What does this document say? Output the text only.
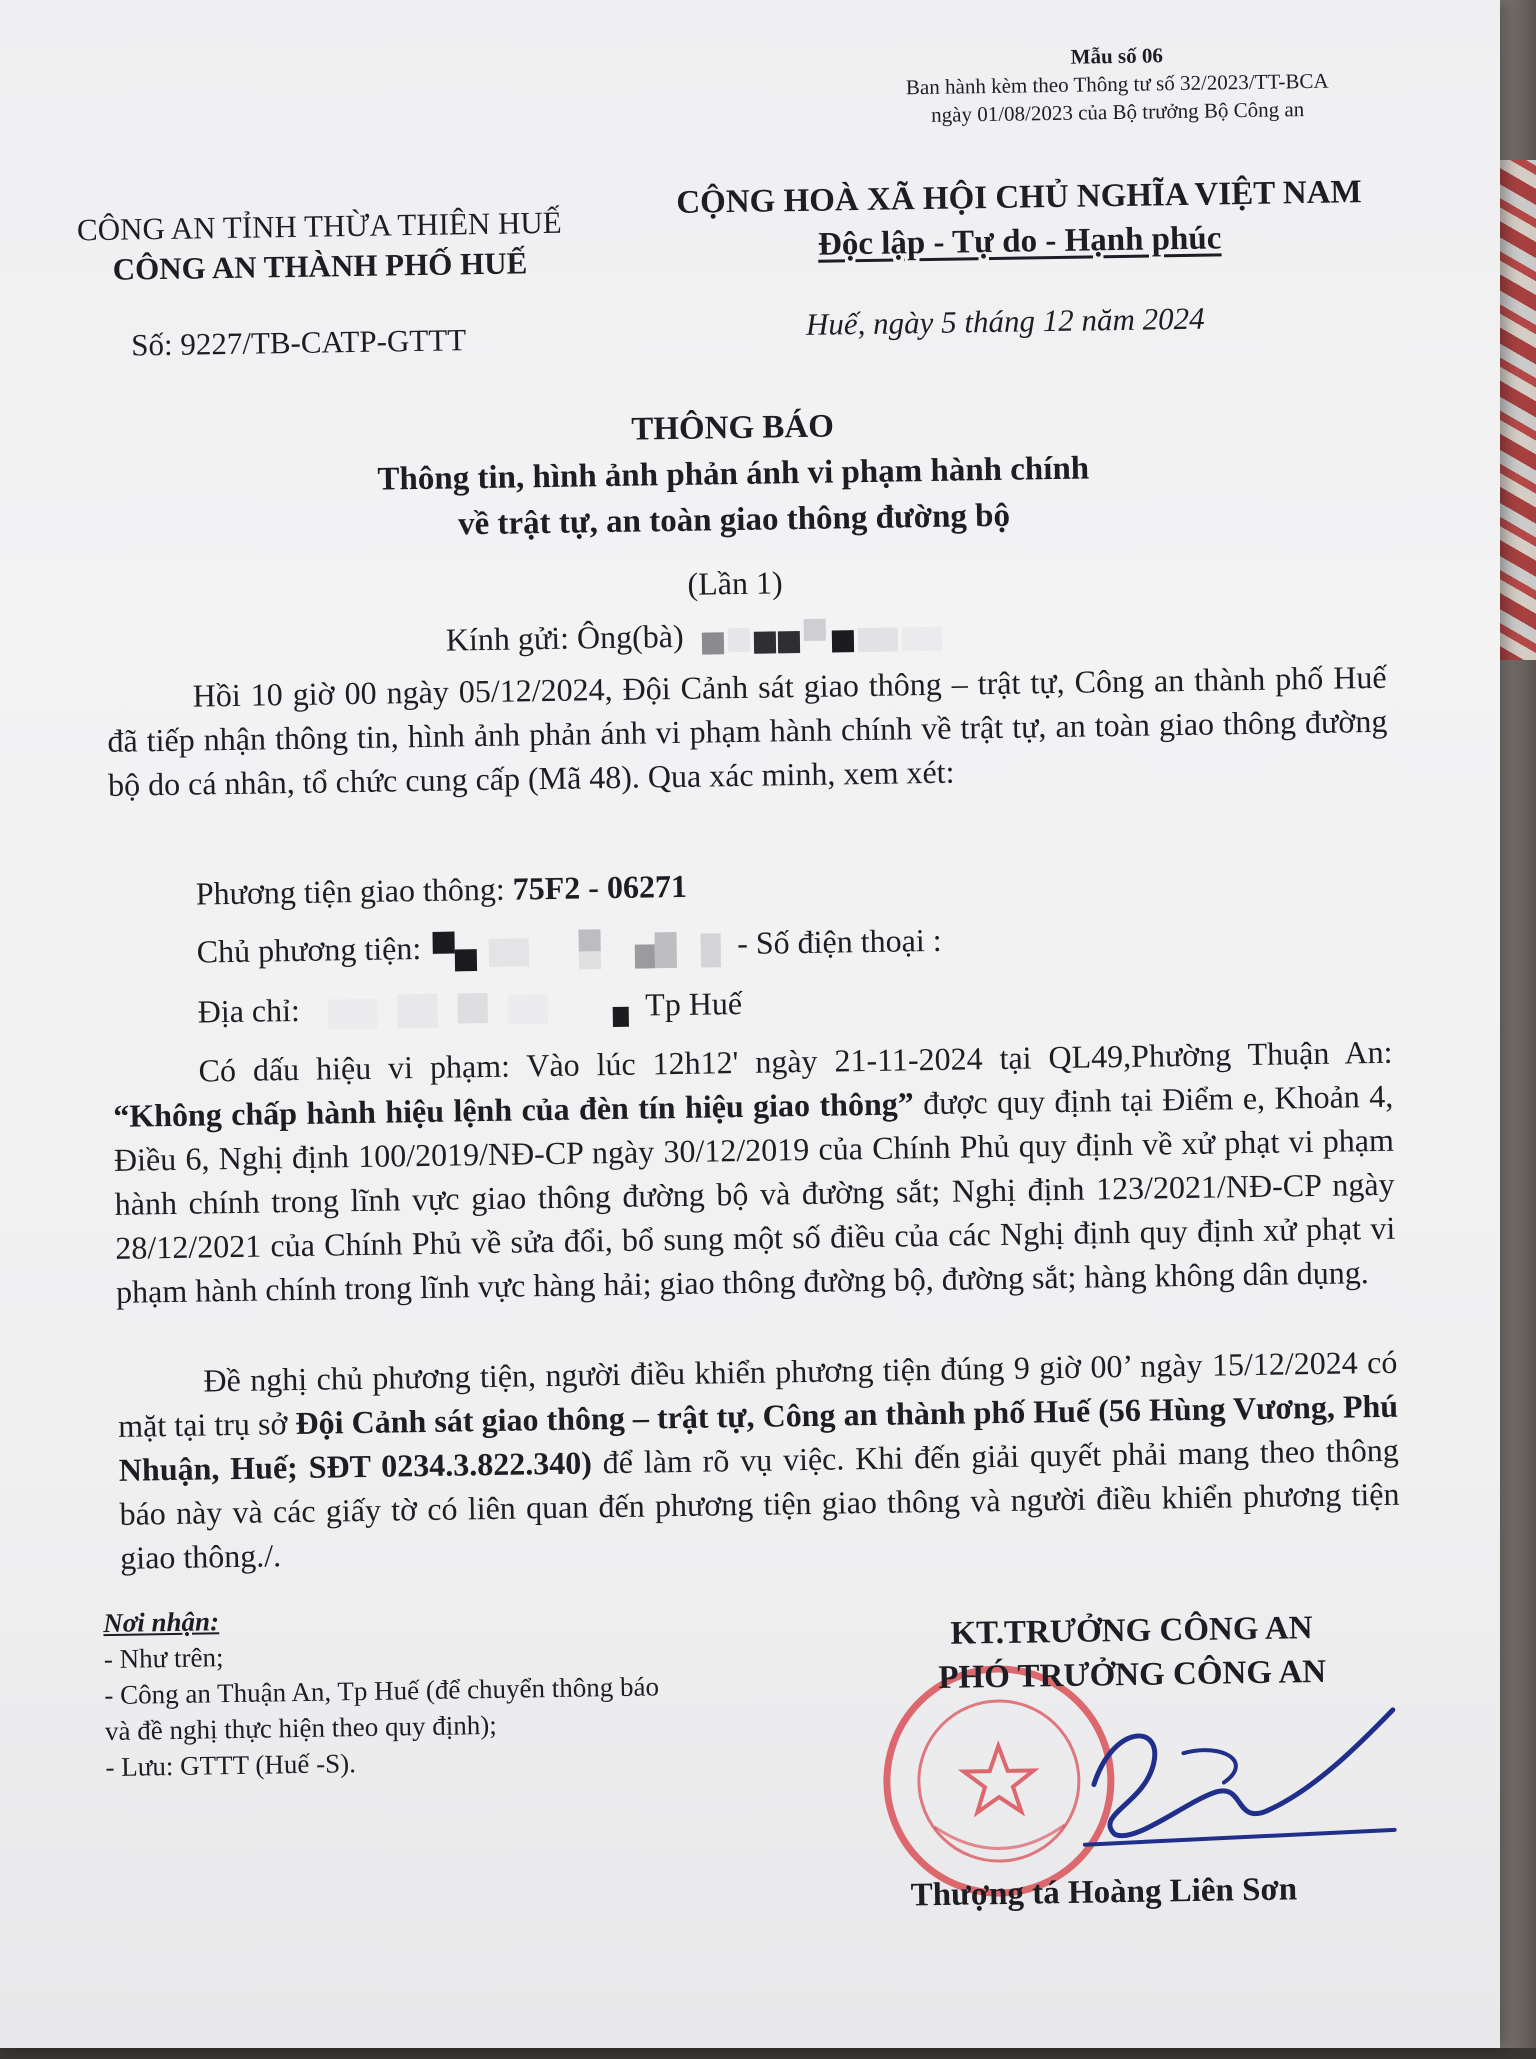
Mẫu số 06
Ban hành kèm theo Thông tư số 32/2023/TT-BCA
ngày 01/08/2023 của Bộ trưởng Bộ Công an
CÔNG AN TỈNH THỪA THIÊN HUẾ
CÔNG AN THÀNH PHỐ HUẾ
CỘNG HOÀ XÃ HỘI CHỦ NGHĨA VIỆT NAM
Độc lập - Tự do - Hạnh phúc
Số: 9227/TB-CATP-GTTT
Huế, ngày 5 tháng 12 năm 2024
THÔNG BÁO
Thông tin, hình ảnh phản ánh vi phạm hành chính
về trật tự, an toàn giao thông đường bộ
(Lần 1)
Kính gửi: Ông(bà)
Hồi 10 giờ 00 ngày 05/12/2024, Đội Cảnh sát giao thông – trật tự, Công an thành phố Huế đã tiếp nhận thông tin, hình ảnh phản ánh vi phạm hành chính về trật tự, an toàn giao thông đường bộ do cá nhân, tổ chức cung cấp (Mã 48). Qua xác minh, xem xét:
Phương tiện giao thông: 75F2 - 06271
Chủ phương tiện:	- Số điện thoại :
Địa chỉ:	Tp Huế
Có dấu hiệu vi phạm: Vào lúc 12h12' ngày 21-11-2024 tại QL49,Phường Thuận An: “Không chấp hành hiệu lệnh của đèn tín hiệu giao thông” được quy định tại Điểm e, Khoản 4, Điều 6, Nghị định 100/2019/NĐ-CP ngày 30/12/2019 của Chính Phủ quy định về xử phạt vi phạm hành chính trong lĩnh vực giao thông đường bộ và đường sắt; Nghị định 123/2021/NĐ-CP ngày 28/12/2021 của Chính Phủ về sửa đổi, bổ sung một số điều của các Nghị định quy định xử phạt vi phạm hành chính trong lĩnh vực hàng hải; giao thông đường bộ, đường sắt; hàng không dân dụng.
Đề nghị chủ phương tiện, người điều khiển phương tiện đúng 9 giờ 00’ ngày 15/12/2024 có mặt tại trụ sở Đội Cảnh sát giao thông – trật tự, Công an thành phố Huế (56 Hùng Vương, Phú Nhuận, Huế; SĐT 0234.3.822.340) để làm rõ vụ việc. Khi đến giải quyết phải mang theo thông báo này và các giấy tờ có liên quan đến phương tiện giao thông và người điều khiển phương tiện giao thông./.
Nơi nhận:
- Như trên;
- Công an Thuận An, Tp Huế (để chuyển thông báo
và đề nghị thực hiện theo quy định);
- Lưu: GTTT (Huế -S).
KT.TRƯỞNG CÔNG AN
PHÓ TRƯỞNG CÔNG AN
Thượng tá Hoàng Liên Sơn
